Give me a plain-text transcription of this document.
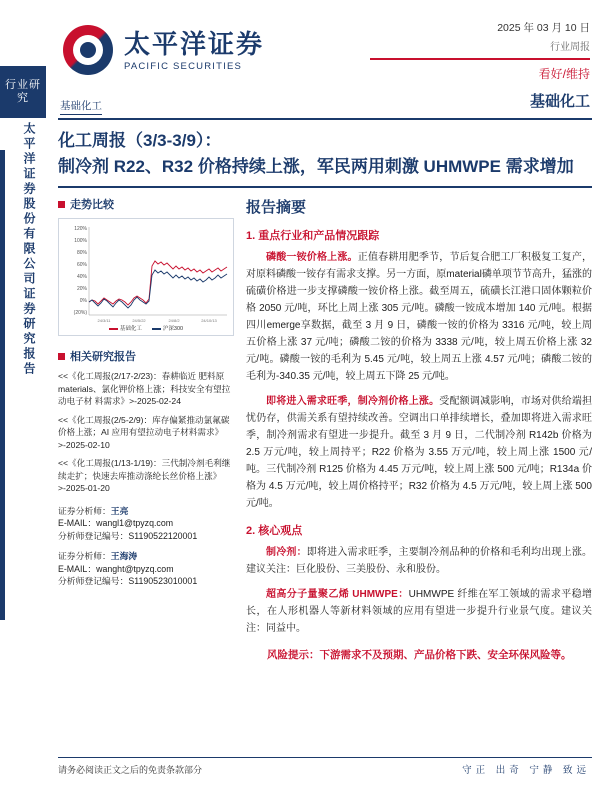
行业研究
太平洋证券股份有限公司证券研究报告
太平洋证券
PACIFIC SECURITIES
2025 年 03 月 10 日
行业周报
看好/维持
基础化工
基础化工
化工周报（3/3-3/9）：
制冷剂 R22、R32 价格持续上涨，军民两用刺激 UHMWPE 需求增加
走势比较
120%
100%
80%
60%
40%
20%
0%
(20%)
24/3/11	24/5/22	24/8/2	24/10/13
基础化工	沪深300
相关研究报告
<<《化工周报(2/17-2/23)：春耕临近 肥料原materials、氯化钾价格上涨；科技安全有望拉动电子材 料需求》>-2025-02-24
<<《化工周报(2/5-2/9)：库存偏紧推动氯氟碳价格上涨；AI 应用有望拉动电子材料需求》>-2025-02-10
<<《化工周报(1/13-1/19)：三代制冷剂毛利继续走扩；快速去库推动涤纶长丝价格上涨》>-2025-01-20
证券分析师：王亮
E-MAIL：wangl1@tpyzq.com
分析师登记编号：S1190522120001
证券分析师：王海涛
E-MAIL：wanght@tpyzq.com
分析师登记编号：S1190523010001
报告摘要
1. 重点行业和产品情况跟踪

磷酸一铵价格上涨。正值春耕用肥季节，节后复合肥工厂积极复工复产，对原料磷酸一铵存有需求支撑。另一方面，原material磷单项节节高升，猛涨的硫磺价格进一步支撑磷酸一铵价格上涨。截至周五，硫磺长江港口固体颗粒价格 2050 元/吨，环比上周上涨 305 元/吨。磷酸一铵成本增加 140 元/吨。根据四川emerge享数据，截至 3 月 9 日，磷酸一铵的价格为 3316 元/吨，较上周五价格上涨 37 元/吨；磷酸二铵的价格为 3338 元/吨，较上周五价格上涨 32 元/吨。磷酸一铵的毛利为 5.45 元/吨，较上周五上涨 4.57 元/吨；磷酸二铵的毛利为-340.35 元/吨，较上周五下降 25 元/吨。

即将进入需求旺季，制冷剂价格上涨。受配额调减影响，市场对供给端担忧仍存，供需关系有望持续改善。空调出口单排续增长，叠加即将进入需求旺季，制冷剂需求有望进一步提升。截至 3 月 9 日，二代制冷剂 R142b 价格为 2.5 万元/吨，较上周持平；R22 价格为 3.55 万元/吨，较上周上涨 1500 元/吨。三代制冷剂 R125 价格为 4.45 万元/吨，较上周上涨 500 元/吨；R134a 价格为 4.5 万元/吨，较上周价格持平；R32 价格为 4.5 万元/吨，较上周上涨 500 元/吨。

2. 核心观点

制冷剂：即将进入需求旺季，主要制冷剂品种的价格和毛利均出现上涨。建议关注：巨化股份、三美股份、永和股份。

超高分子量聚乙烯 UHMWPE：UHMWPE 纤维在军工领域的需求平稳增长，在人形机器人等新材料领域的应用有望进一步提升行业景气度。建议关注：同益中。

风险提示：下游需求不及预期、产品价格下跌、安全环保风险等。
请务必阅读正文之后的免责条款部分	守正 出奇 宁静 致远
